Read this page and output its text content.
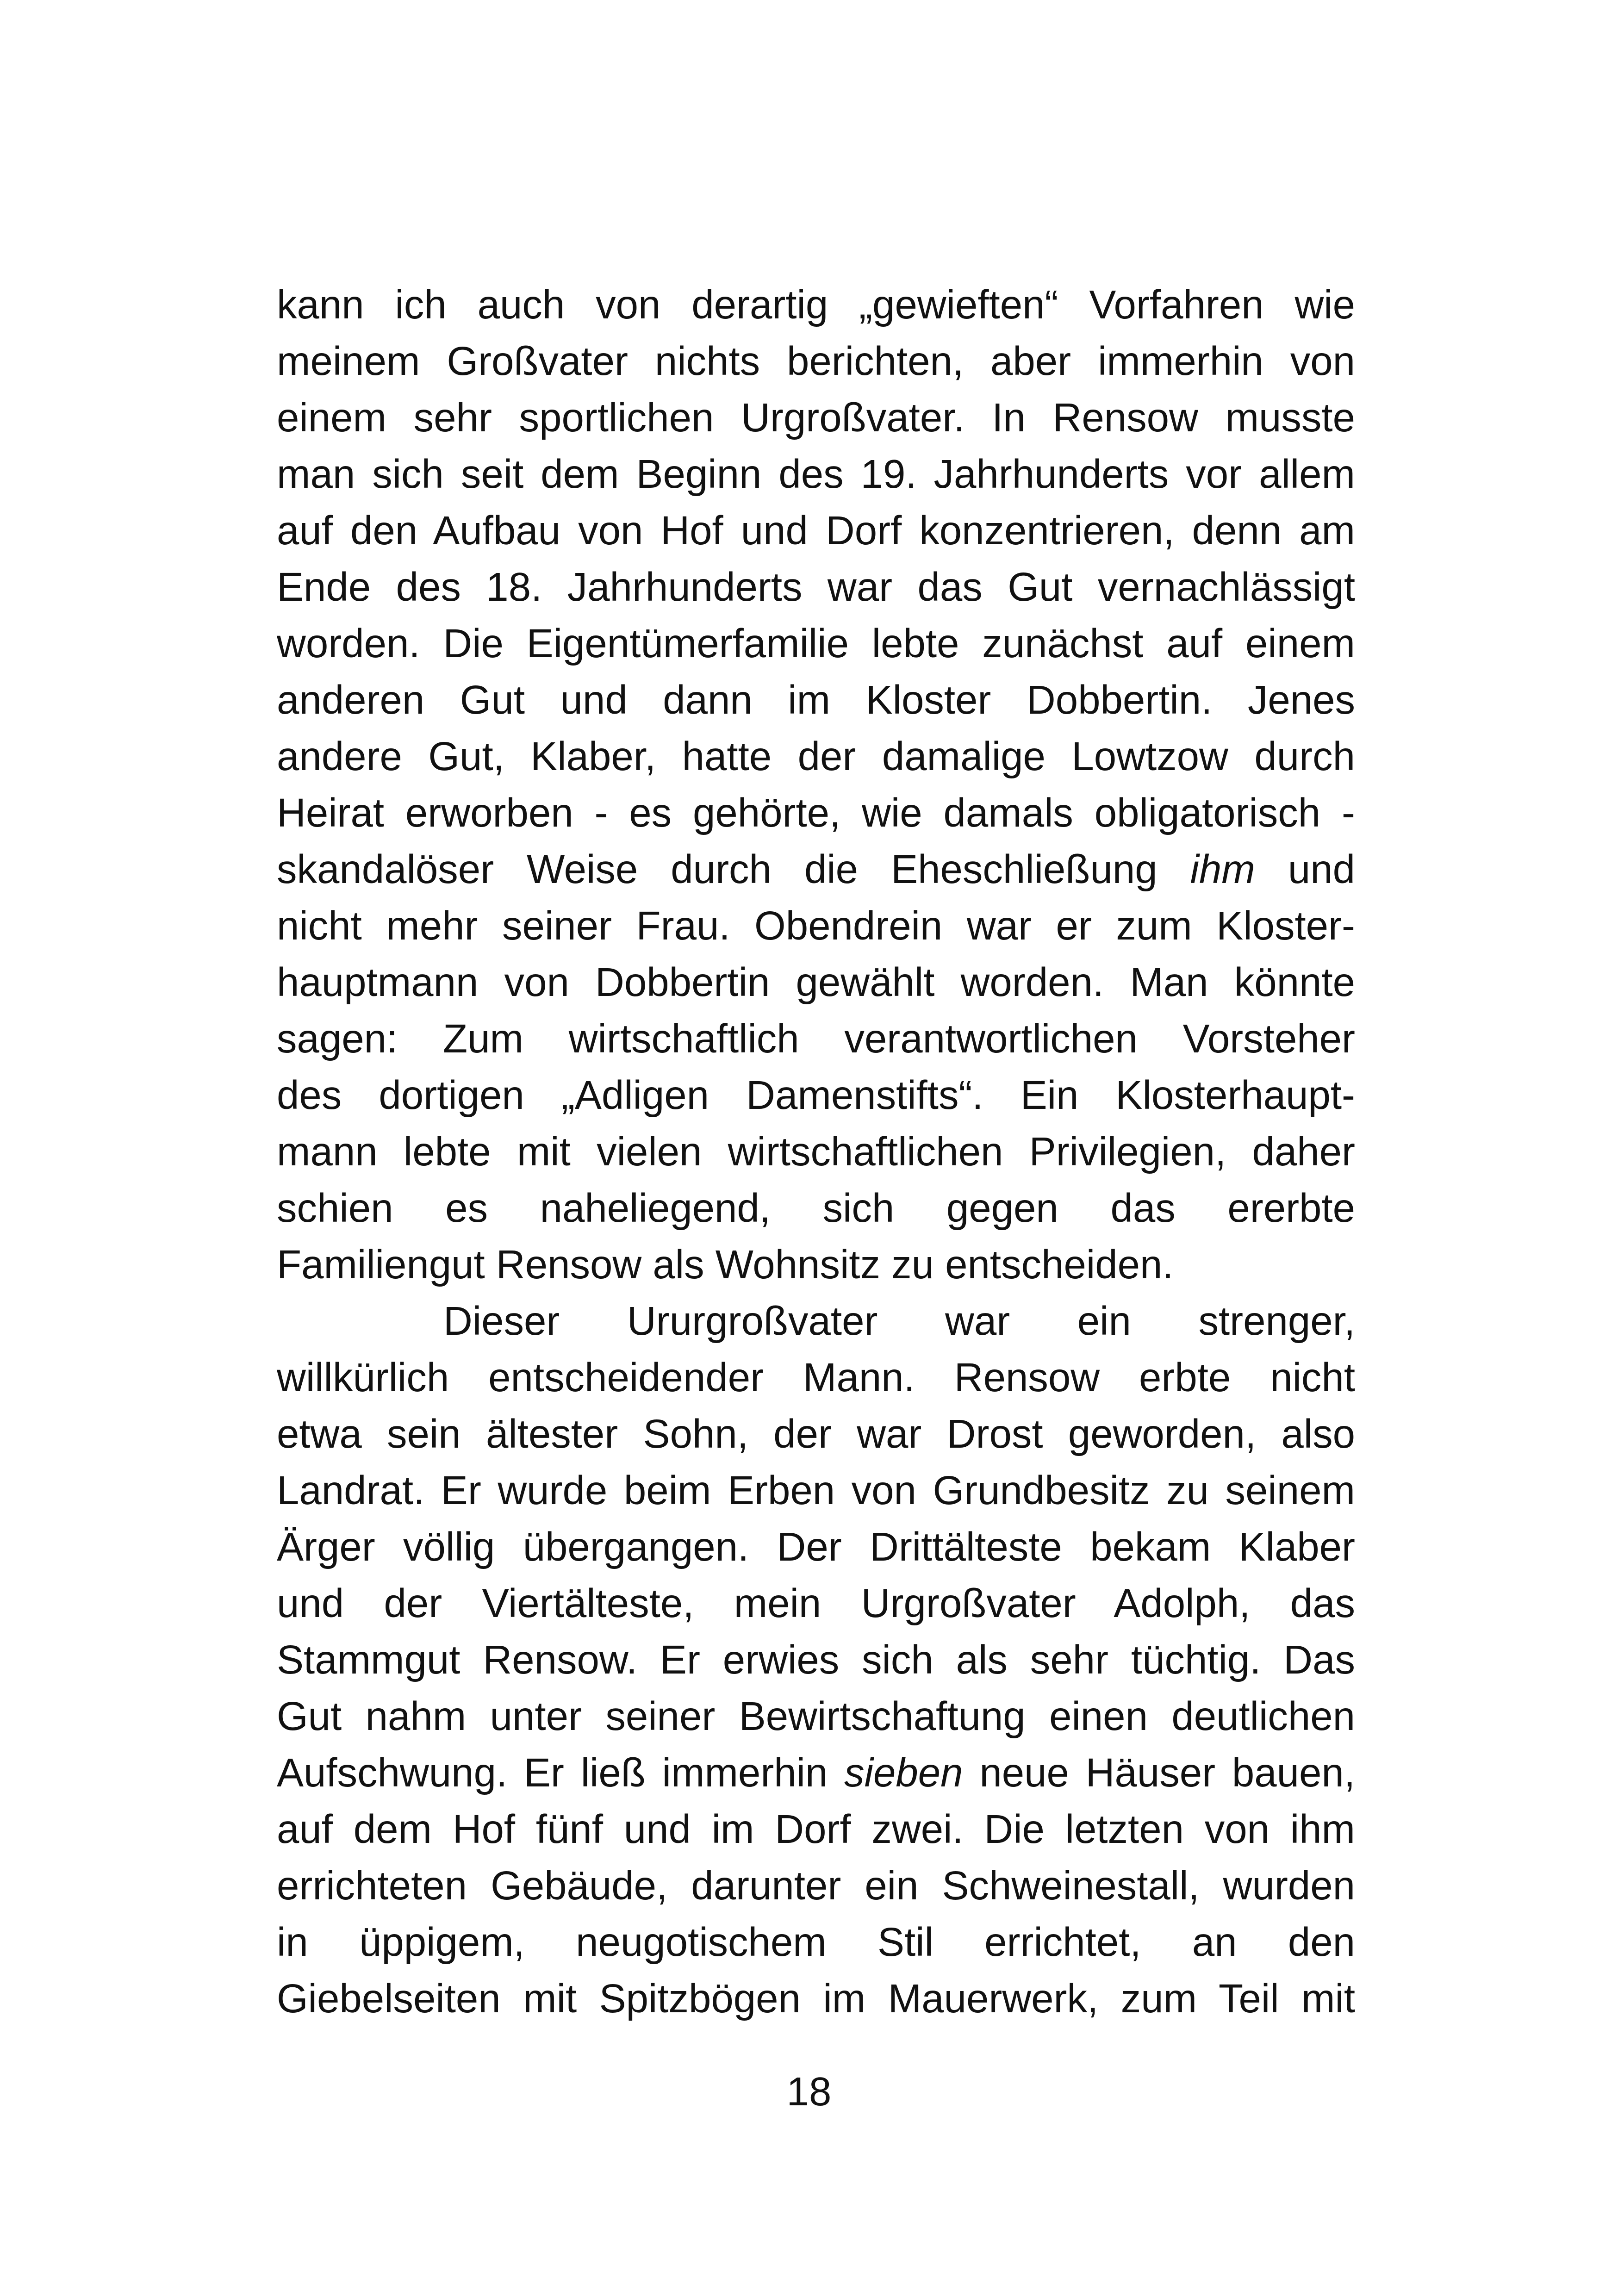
kann ich auch von derartig „gewieften“ Vorfahren wie
meinem Großvater nichts berichten, aber immerhin von
einem sehr sportlichen Urgroßvater. In Rensow musste
man sich seit dem Beginn des 19. Jahrhunderts vor allem
auf den Aufbau von Hof und Dorf konzentrieren, denn am
Ende des 18. Jahrhunderts war das Gut vernachlässigt
worden. Die Eigentümerfamilie lebte zunächst auf einem
anderen Gut und dann im Kloster Dobbertin. Jenes
andere Gut, Klaber, hatte der damalige Lowtzow durch
Heirat erworben - es gehörte, wie damals obligatorisch -
skandalöser Weise durch die Eheschließung ihm und
nicht mehr seiner Frau. Obendrein war er zum Kloster-
hauptmann von Dobbertin gewählt worden. Man könnte
sagen: Zum wirtschaftlich verantwortlichen Vorsteher
des dortigen „Adligen Damenstifts“. Ein Klosterhaupt-
mann lebte mit vielen wirtschaftlichen Privilegien, daher
schien es naheliegend, sich gegen das ererbte
Familiengut Rensow als Wohnsitz zu entscheiden.
Dieser Ururgroßvater war ein strenger,
willkürlich entscheidender Mann. Rensow erbte nicht
etwa sein ältester Sohn, der war Drost geworden, also
Landrat. Er wurde beim Erben von Grundbesitz zu seinem
Ärger völlig übergangen. Der Drittälteste bekam Klaber
und der Viertälteste, mein Urgroßvater Adolph, das
Stammgut Rensow. Er erwies sich als sehr tüchtig. Das
Gut nahm unter seiner Bewirtschaftung einen deutlichen
Aufschwung. Er ließ immerhin sieben neue Häuser bauen,
auf dem Hof fünf und im Dorf zwei. Die letzten von ihm
errichteten Gebäude, darunter ein Schweinestall, wurden
in üppigem, neugotischem Stil errichtet, an den
Giebelseiten mit Spitzbögen im Mauerwerk, zum Teil mit
18
